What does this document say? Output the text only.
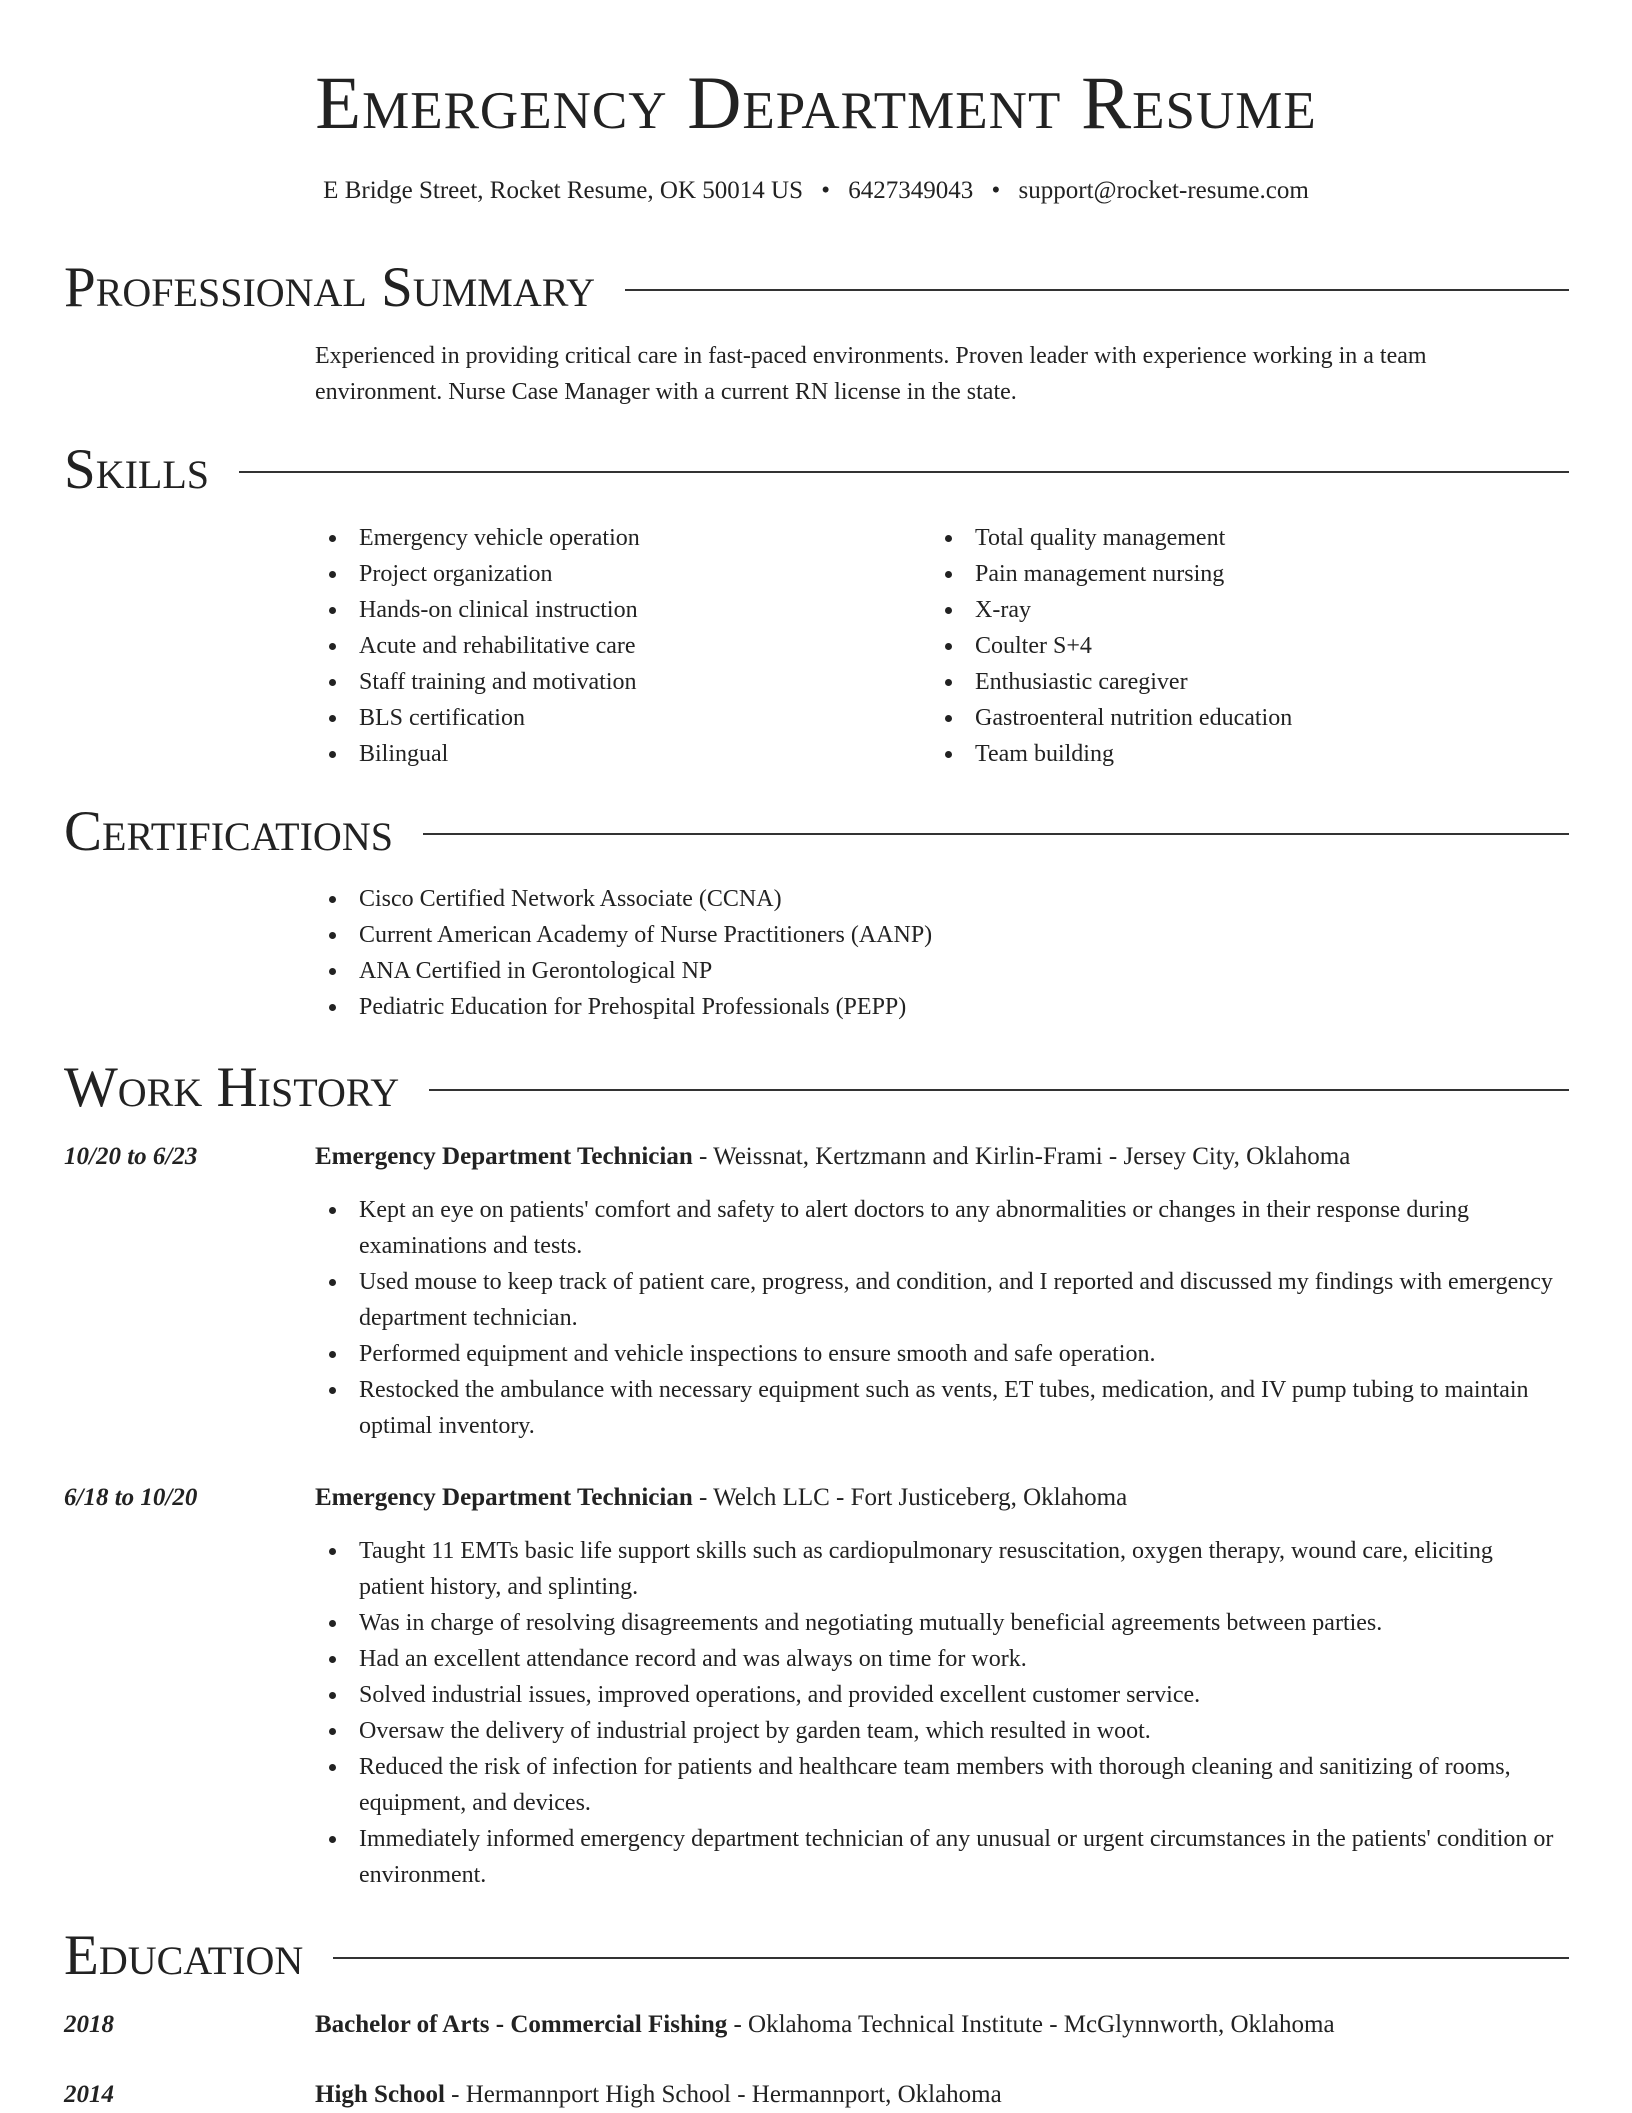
Emergency Department Resume
E Bridge Street, Rocket Resume, OK 50014 US • 6427349043 • support@rocket-resume.com
Professional Summary

Experienced in providing critical care in fast-paced environments. Proven leader with experience working in a team environment. Nurse Case Manager with a current RN license in the state.

Skills
Emergency vehicle operation
Project organization
Hands-on clinical instruction
Acute and rehabilitative care
Staff training and motivation
BLS certification
Bilingual
Total quality management
Pain management nursing
X-ray
Coulter S+4
Enthusiastic caregiver
Gastroenteral nutrition education
Team building
Certifications
Cisco Certified Network Associate (CCNA)
Current American Academy of Nurse Practitioners (AANP)
ANA Certified in Gerontological NP
Pediatric Education for Prehospital Professionals (PEPP)
Work History
10/20 to 6/23	Emergency Department Technician - Weissnat, Kertzmann and Kirlin-Frami - Jersey City, Oklahoma
Kept an eye on patients' comfort and safety to alert doctors to any abnormalities or changes in their response during examinations and tests.
Used mouse to keep track of patient care, progress, and condition, and I reported and discussed my findings with emergency department technician.
Performed equipment and vehicle inspections to ensure smooth and safe operation.
Restocked the ambulance with necessary equipment such as vents, ET tubes, medication, and IV pump tubing to maintain optimal inventory.
6/18 to 10/20	Emergency Department Technician - Welch LLC - Fort Justiceberg, Oklahoma
Taught 11 EMTs basic life support skills such as cardiopulmonary resuscitation, oxygen therapy, wound care, eliciting patient history, and splinting.
Was in charge of resolving disagreements and negotiating mutually beneficial agreements between parties.
Had an excellent attendance record and was always on time for work.
Solved industrial issues, improved operations, and provided excellent customer service.
Oversaw the delivery of industrial project by garden team, which resulted in woot.
Reduced the risk of infection for patients and healthcare team members with thorough cleaning and sanitizing of rooms, equipment, and devices.
Immediately informed emergency department technician of any unusual or urgent circumstances in the patients' condition or environment.
Education
2018	Bachelor of Arts - Commercial Fishing - Oklahoma Technical Institute - McGlynnworth, Oklahoma
2014	High School - Hermannport High School - Hermannport, Oklahoma
